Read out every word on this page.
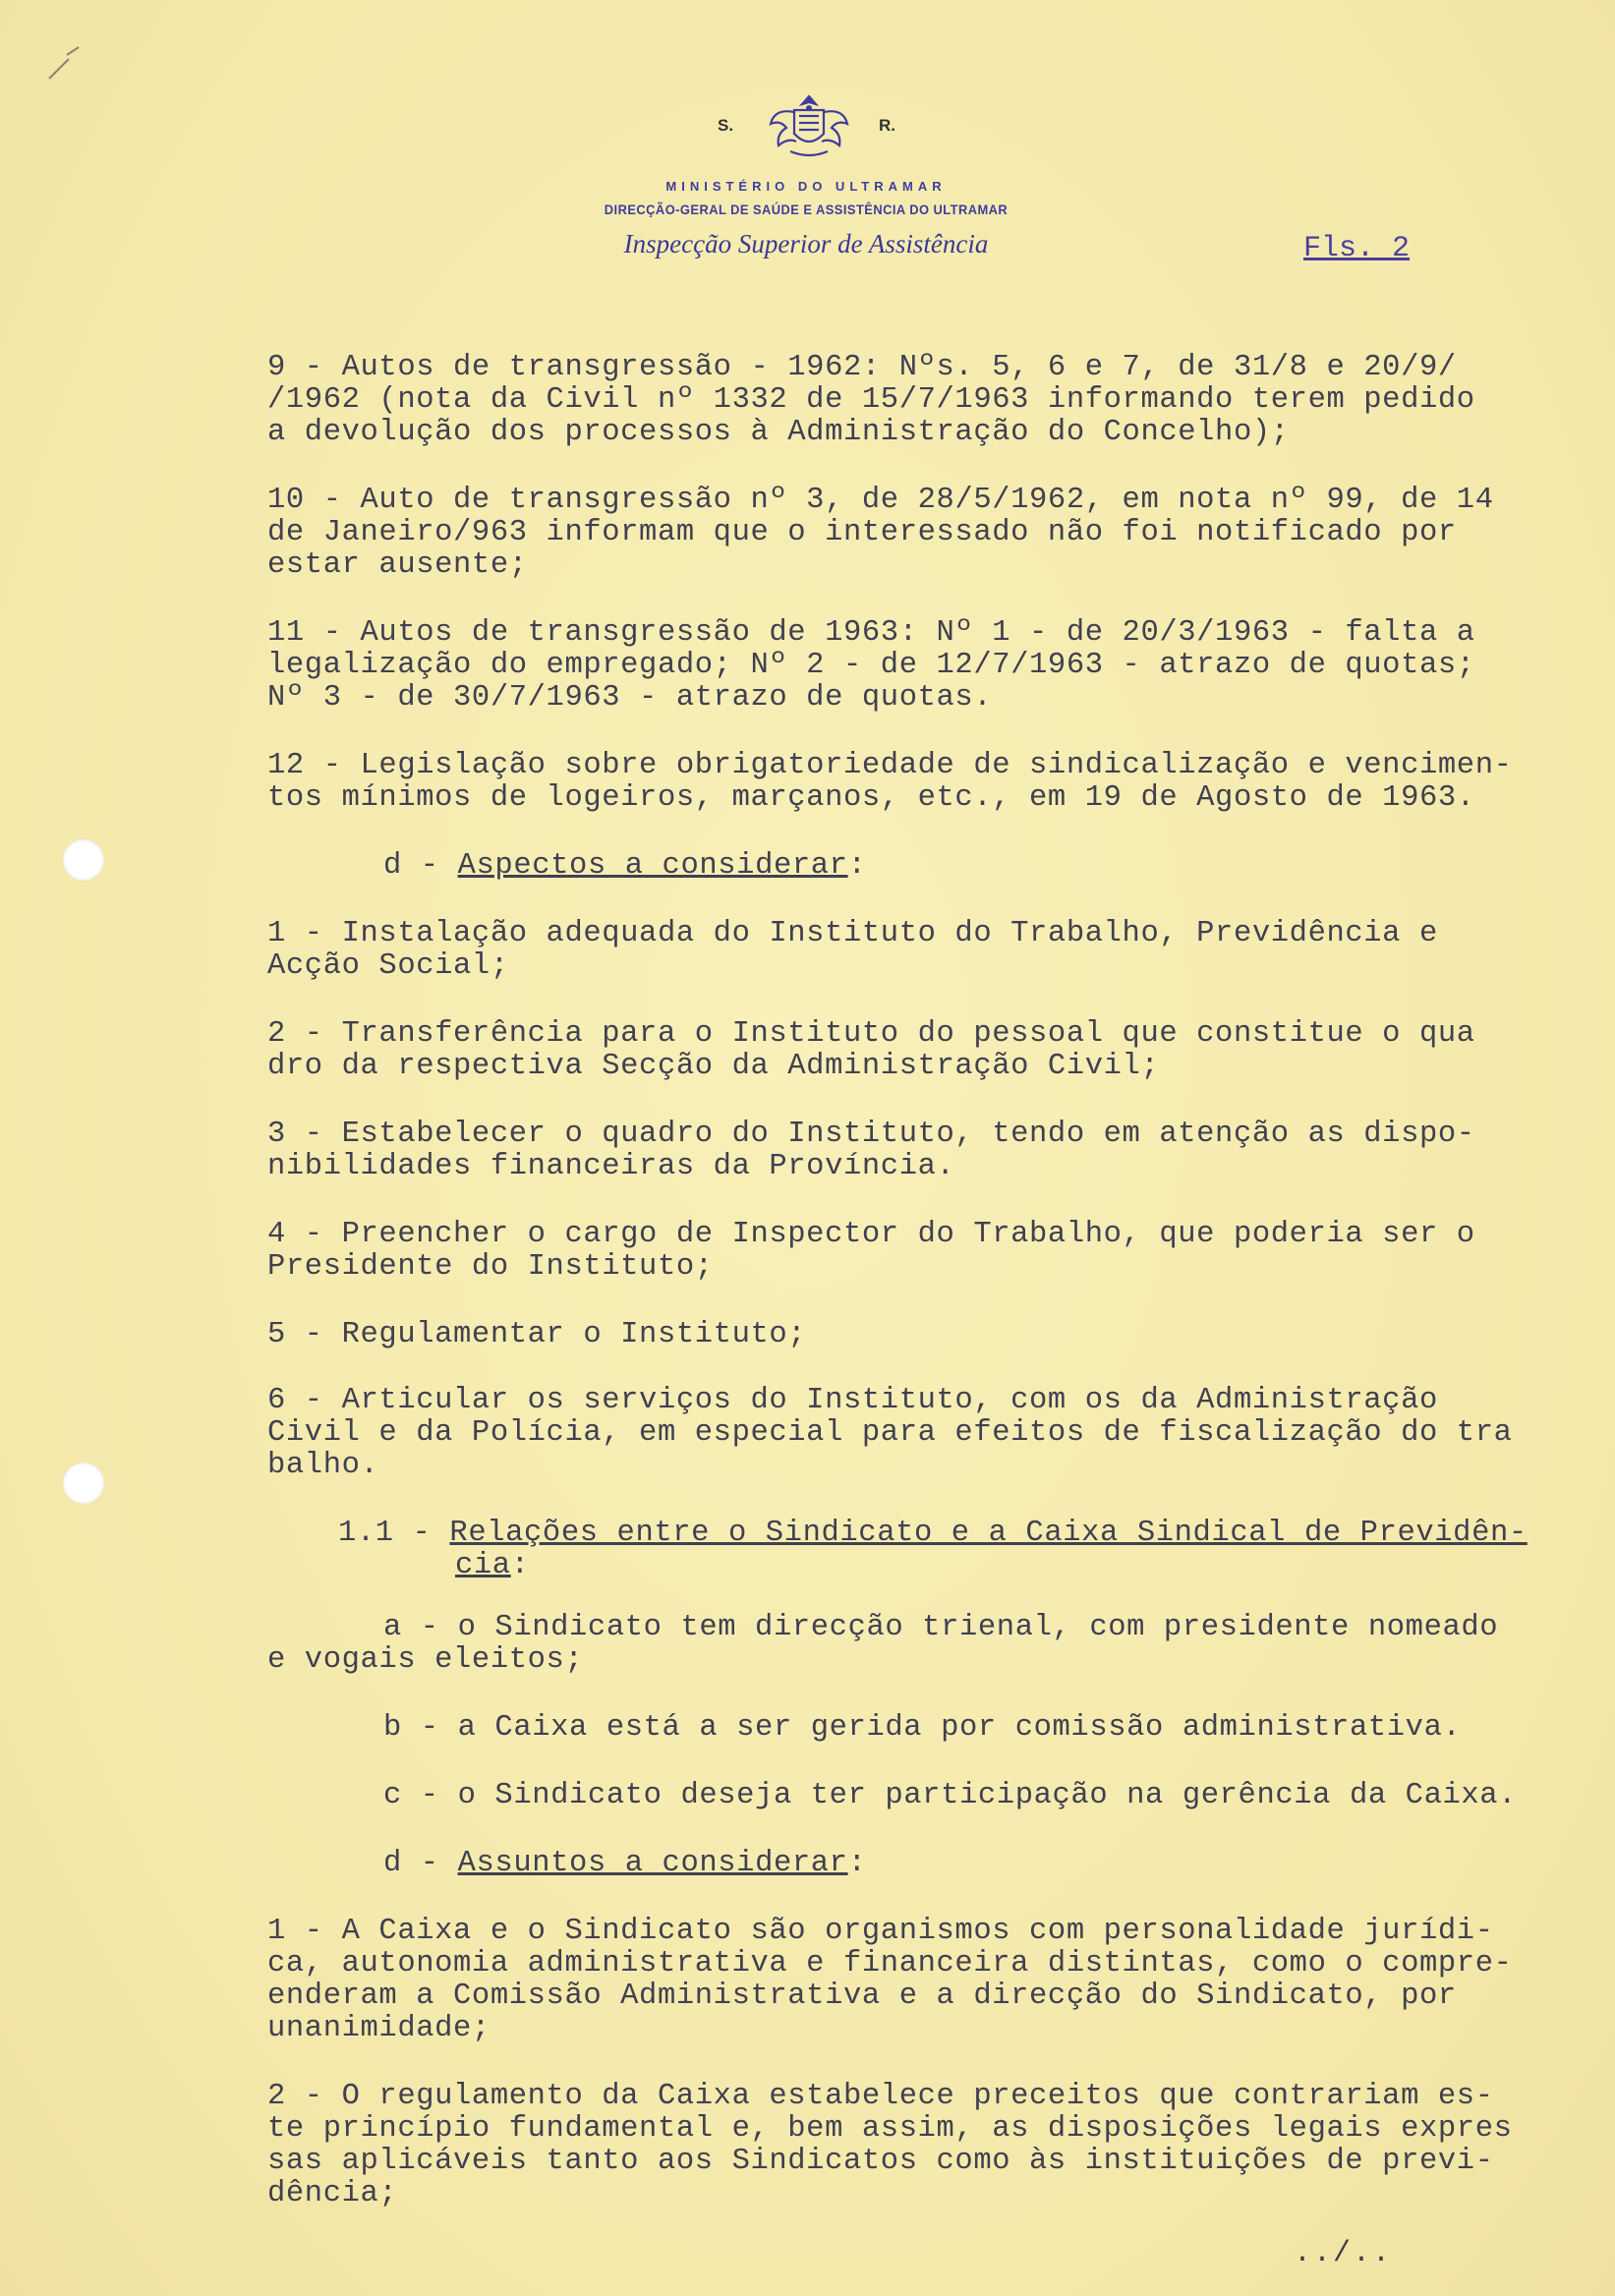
S.	R.
MINISTÉRIO DO ULTRAMAR
DIRECÇÃO-GERAL DE SAÚDE E ASSISTÊNCIA DO ULTRAMAR
Inspecção Superior de Assistência	Fls. 2

9 - Autos de transgressão - 1962: Nºs. 5, 6 e 7, de 31/8 e 20/9/
/1962 (nota da Civil nº 1332 de 15/7/1963 informando terem pedido
a devolução dos processos à Administração do Concelho);

10 - Auto de transgressão nº 3, de 28/5/1962, em nota nº 99, de 14
de Janeiro/963 informam que o interessado não foi notificado por
estar ausente;

11 - Autos de transgressão de 1963: Nº 1 - de 20/3/1963 - falta a
legalização do empregado; Nº 2 - de 12/7/1963 - atrazo de quotas;
Nº 3 - de 30/7/1963 - atrazo de quotas.

12 - Legislação sobre obrigatoriedade de sindicalização e vencimen-
tos mínimos de logeiros, marçanos, etc., em 19 de Agosto de 1963.

d - Aspectos a considerar:

1 - Instalação adequada do Instituto do Trabalho, Previdência e
Acção Social;

2 - Transferência para o Instituto do pessoal que constitue o qua
dro da respectiva Secção da Administração Civil;

3 - Estabelecer o quadro do Instituto, tendo em atenção as dispo-
nibilidades financeiras da Província.

4 - Preencher o cargo de Inspector do Trabalho, que poderia ser o
Presidente do Instituto;

5 - Regulamentar o Instituto;

6 - Articular os serviços do Instituto, com os da Administração
Civil e da Polícia, em especial para efeitos de fiscalização do tra
balho.

1.1 - Relações entre o Sindicato e a Caixa Sindical de Previdên-
cia:

a - o Sindicato tem direcção trienal, com presidente nomeado
e vogais eleitos;

b - a Caixa está a ser gerida por comissão administrativa.

c - o Sindicato deseja ter participação na gerência da Caixa.

d - Assuntos a considerar:

1 - A Caixa e o Sindicato são organismos com personalidade jurídi-
ca, autonomia administrativa e financeira distintas, como o compre-
enderam a Comissão Administrativa e a direcção do Sindicato, por
unanimidade;

2 - O regulamento da Caixa estabelece preceitos que contrariam es-
te princípio fundamental e, bem assim, as disposições legais expres
sas aplicáveis tanto aos Sindicatos como às instituições de previ-
dência;

../..
